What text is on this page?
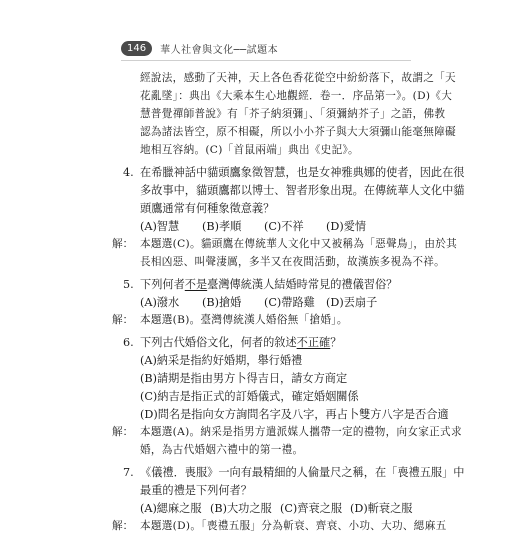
146	華人社會與文化──試題本
經說法，感動了天神，天上各色香花從空中紛紛落下，故謂之「天
花亂墜」：典出《大乘本生心地觀經．卷一．序品第一》。(D)《大
慧普覺禪師普說》有「芥子納須彌」、「須彌納芥子」之語，佛教
認為諸法皆空，原不相礙，所以小小芥子與大大須彌山能毫無障礙
地相互容納。(C)「首鼠兩端」典出《史記》。
4. 在希臘神話中貓頭鷹象徵智慧，也是女神雅典娜的使者，因此在很
多故事中，貓頭鷹都以博士、智者形象出現。在傳統華人文化中貓
頭鷹通常有何種象徵意義？
(A)智慧	(B)孝順	(C)不祥	(D)愛情
解： 本題選(C)。貓頭鷹在傳統華人文化中又被稱為「惡聲鳥」，由於其
長相凶惡、叫聲淒厲，多半又在夜間活動，故漢族多視為不祥。
5. 下列何者不是臺灣傳統漢人結婚時常見的禮儀習俗？
(A)潑水	(B)搶婚	(C)帶路雞 (D)丟扇子
解： 本題選(B)。臺灣傳統漢人婚俗無「搶婚」。
6. 下列古代婚俗文化，何者的敘述不正確？
(A)納采是指約好婚期，舉行婚禮
(B)請期是指由男方卜得吉日，請女方商定
(C)納吉是指正式的訂婚儀式，確定婚姻關係
(D)問名是指向女方詢問名字及八字，再占卜雙方八字是否合適
解： 本題選(A)。納采是指男方遣派媒人攜帶一定的禮物，向女家正式求
婚，為古代婚姻六禮中的第一禮。
7. 《儀禮．喪服》一向有最精細的人倫量尺之稱，在「喪禮五服」中
最重的禮是下列何者？
(A)緦麻之服 (B)大功之服 (C)齊衰之服 (D)斬衰之服
解： 本題選(D)。「喪禮五服」分為斬衰、齊衰、小功、大功、緦麻五
